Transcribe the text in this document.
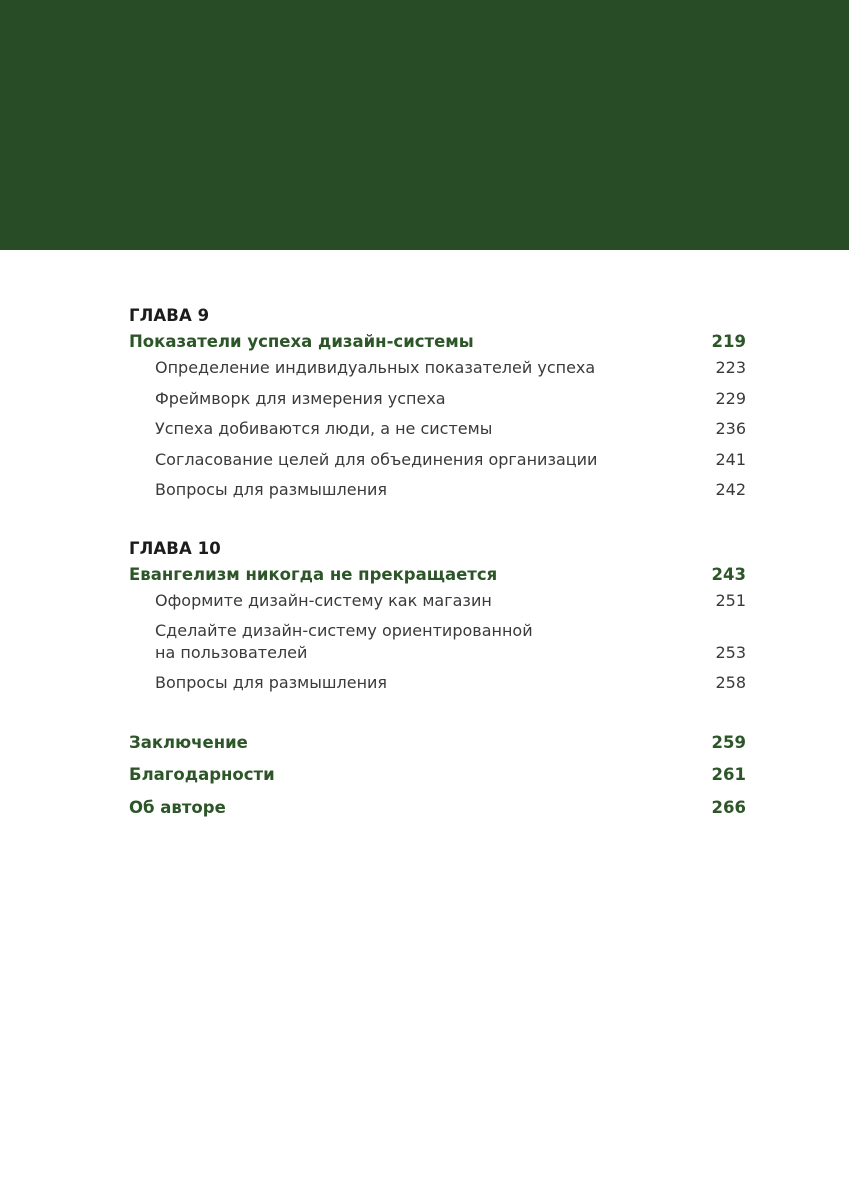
ГЛАВА 9
Показатели успеха дизайн-системы	219
Определение индивидуальных показателей успеха	223
Фреймворк для измерения успеха	229
Успеха добиваются люди, а не системы	236
Согласование целей для объединения организации	241
Вопросы для размышления	242
ГЛАВА 10
Евангелизм никогда не прекращается	243
Оформите дизайн-систему как магазин	251
Сделайте дизайн-систему ориентированной
на пользователей	253
Вопросы для размышления	258
Заключение	259
Благодарности	261
Об авторе	266
